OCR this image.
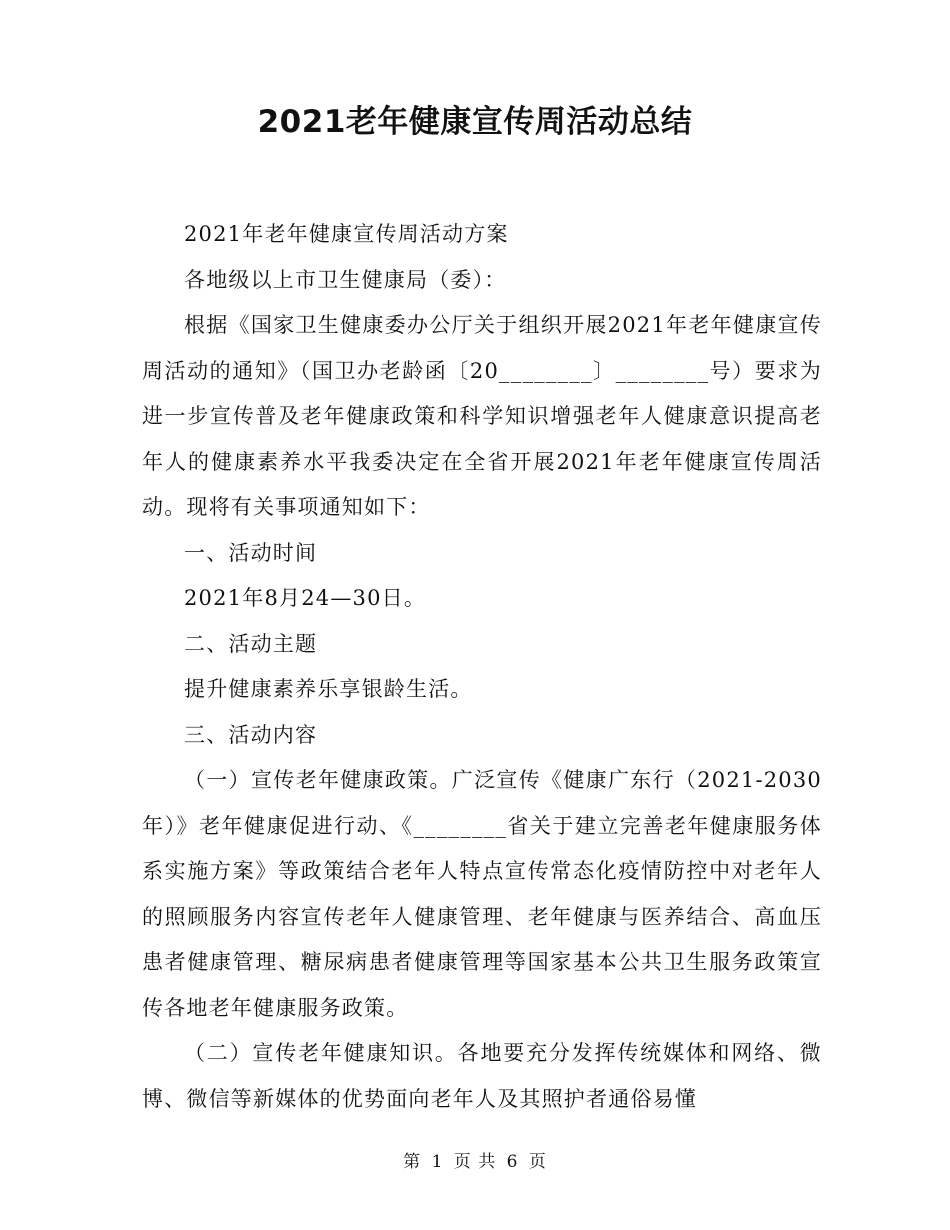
2021老年健康宣传周活动总结

2021年老年健康宣传周活动方案

各地级以上市卫生健康局（委）：

根据《国家卫生健康委办公厅关于组织开展2021年老年健康宣传周活动的通知》（国卫办老龄函〔20________〕________号）要求为进一步宣传普及老年健康政策和科学知识增强老年人健康意识提高老年人的健康素养水平我委决定在全省开展2021年老年健康宣传周活动。现将有关事项通知如下：

一、活动时间

2021年8月24—30日。

二、活动主题

提升健康素养乐享银龄生活。

三、活动内容

（一）宣传老年健康政策。广泛宣传《健康广东行（2021-2030年）》老年健康促进行动、《________省关于建立完善老年健康服务体系实施方案》等政策结合老年人特点宣传常态化疫情防控中对老年人的照顾服务内容宣传老年人健康管理、老年健康与医养结合、高血压患者健康管理、糖尿病患者健康管理等国家基本公共卫生服务政策宣传各地老年健康服务政策。

（二）宣传老年健康知识。各地要充分发挥传统媒体和网络、微博、微信等新媒体的优势面向老年人及其照护者通俗易懂

第 1 页 共 6 页
